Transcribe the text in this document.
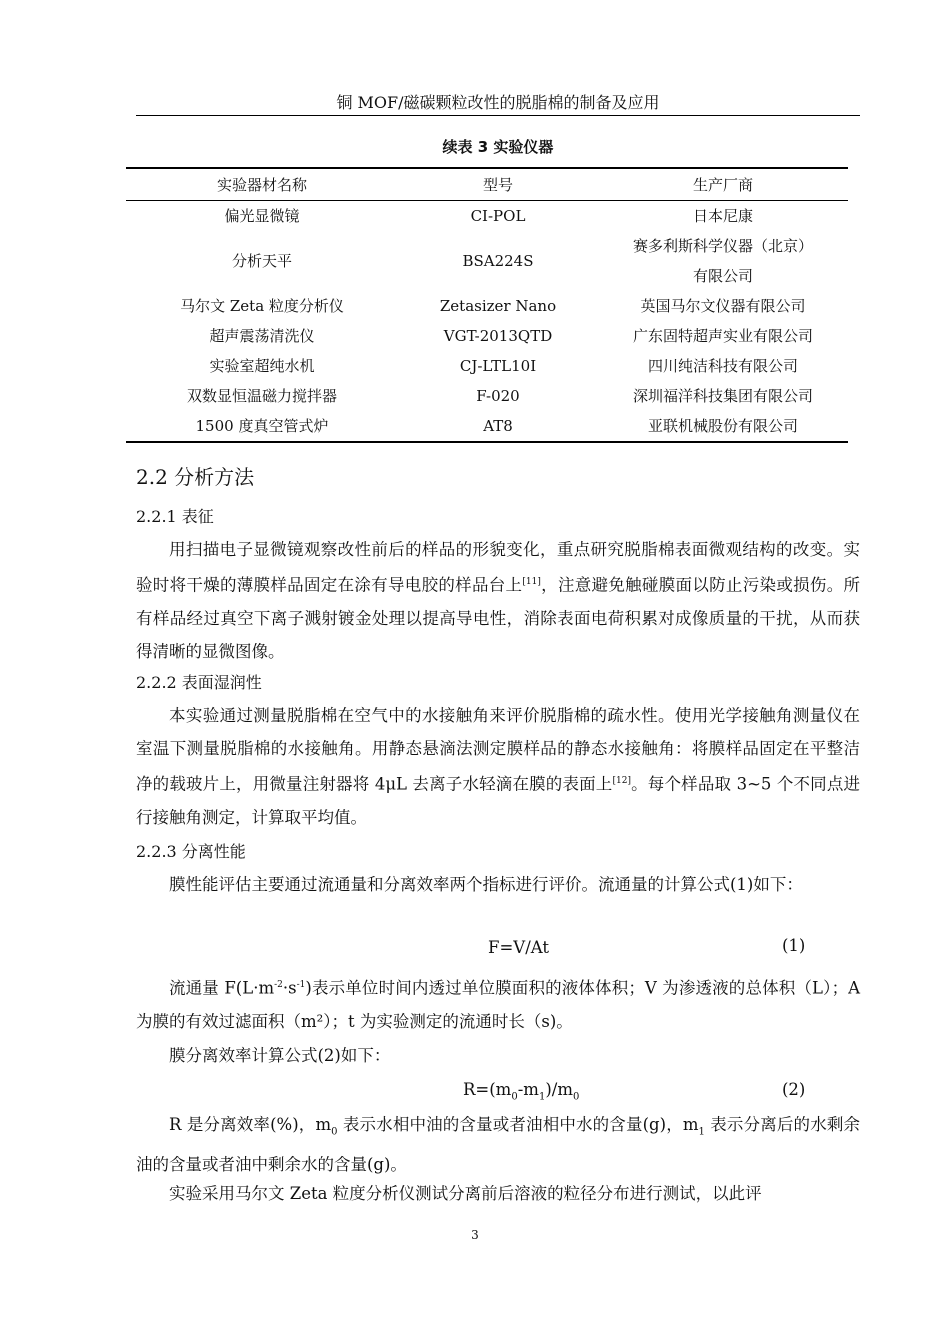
铜 MOF/磁碳颗粒改性的脱脂棉的制备及应用
续表 3 实验仪器
实验器材名称	型号	生产厂商
偏光显微镜	CI-POL	日本尼康
分析天平	BSA224S	赛多利斯科学仪器（北京）
有限公司

马尔文 Zeta 粒度分析仪	Zetasizer Nano	英国马尔文仪器有限公司
超声震荡清洗仪	VGT-2013QTD	广东固特超声实业有限公司
实验室超纯水机	CJ-LTL10I	四川纯洁科技有限公司
双数显恒温磁力搅拌器	F-020	深圳福洋科技集团有限公司
1500 度真空管式炉	AT8	亚联机械股份有限公司
2.2 分析方法
2.2.1 表征
用扫描电子显微镜观察改性前后的样品的形貌变化，重点研究脱脂棉表面微观结构的改变。实验时将干燥的薄膜样品固定在涂有导电胶的样品台上[11]，注意避免触碰膜面以防止污染或损伤。所有样品经过真空下离子溅射镀金处理以提高导电性，消除表面电荷积累对成像质量的干扰，从而获得清晰的显微图像。
2.2.2 表面湿润性
本实验通过测量脱脂棉在空气中的水接触角来评价脱脂棉的疏水性。使用光学接触角测量仪在室温下测量脱脂棉的水接触角。用静态悬滴法测定膜样品的静态水接触角：将膜样品固定在平整洁净的载玻片上，用微量注射器将 4μL 去离子水轻滴在膜的表面上[12]。每个样品取 3~5 个不同点进行接触角测定，计算取平均值。
2.2.3 分离性能
膜性能评估主要通过流通量和分离效率两个指标进行评价。流通量的计算公式(1)如下：
F=V/At	(1)
流通量 $F(L\cdot m^{-2}\cdot s^{-1})$表示单位时间内透过单位膜面积的液体体积；V 为渗透液的总体积（L）；A 为膜的有效过滤面积（m²）；t 为实验测定的流通时长（s)。
膜分离效率计算公式(2)如下：
$R=(m_0-m_1)/m_0$	(2)
R 是分离效率(%)，$m_0$ 表示水相中油的含量或者油相中水的含量(g)，$m_1$ 表示分离后的水剩余油的含量或者油中剩余水的含量(g)。
实验采用马尔文 Zeta 粒度分析仪测试分离前后溶液的粒径分布进行测试，以此评
3
